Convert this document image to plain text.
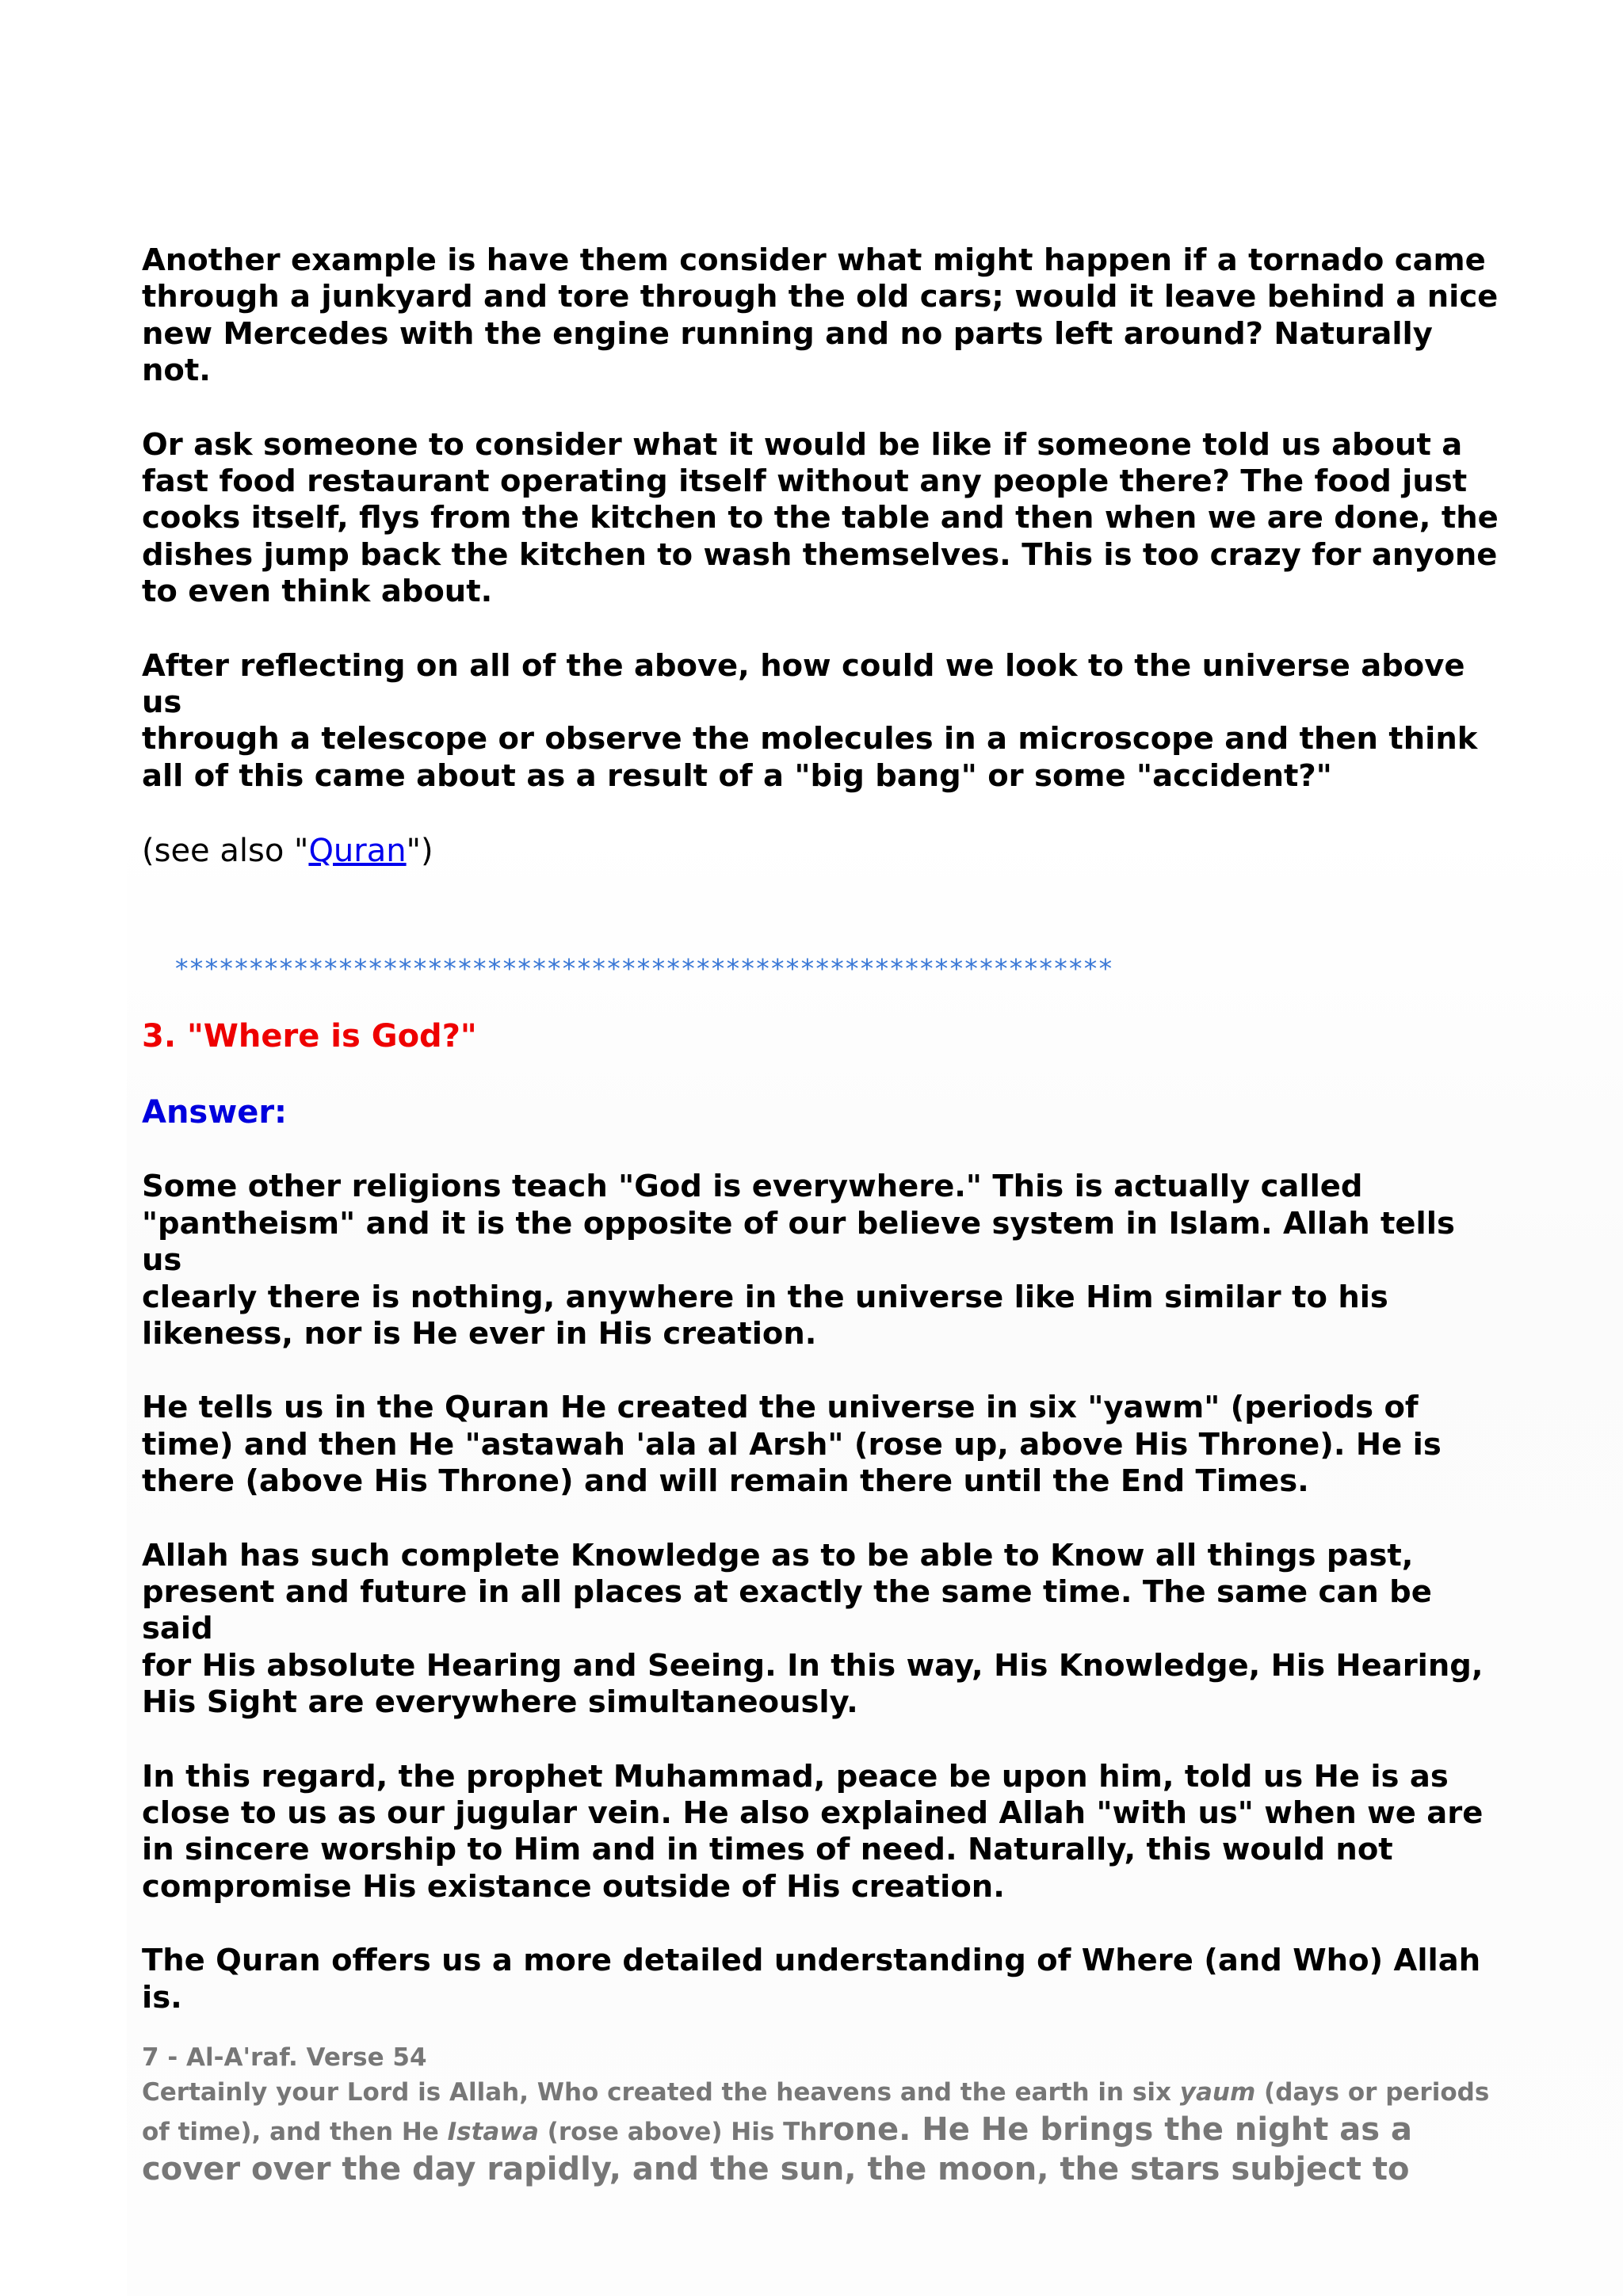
Another example is have them consider what might happen if a tornado came
through a junkyard and tore through the old cars; would it leave behind a nice
new Mercedes with the engine running and no parts left around? Naturally not.

Or ask someone to consider what it would be like if someone told us about a
fast food restaurant operating itself without any people there? The food just
cooks itself, flys from the kitchen to the table and then when we are done, the
dishes jump back the kitchen to wash themselves. This is too crazy for anyone
to even think about.

After reflecting on all of the above, how could we look to the universe above us
through a telescope or observe the molecules in a microscope and then think
all of this came about as a result of a "big bang" or some "accident?"

(see also "Quran")

***************************************************************
3. "Where is God?"
Answer:

Some other religions teach "God is everywhere." This is actually called
"pantheism" and it is the opposite of our believe system in Islam. Allah tells us
clearly there is nothing, anywhere in the universe like Him similar to his
likeness, nor is He ever in His creation.

He tells us in the Quran He created the universe in six "yawm" (periods of
time) and then He "astawah 'ala al Arsh" (rose up, above His Throne). He is
there (above His Throne) and will remain there until the End Times.

Allah has such complete Knowledge as to be able to Know all things past,
present and future in all places at exactly the same time. The same can be said
for His absolute Hearing and Seeing. In this way, His Knowledge, His Hearing,
His Sight are everywhere simultaneously.

In this regard, the prophet Muhammad, peace be upon him, told us He is as
close to us as our jugular vein. He also explained Allah "with us" when we are
in sincere worship to Him and in times of need. Naturally, this would not
compromise His existance outside of His creation.

The Quran offers us a more detailed understanding of Where (and Who) Allah
is.

7 - Al-A'raf. Verse 54
Certainly your Lord is Allah, Who created the heavens and the earth in six yaum (days or periods
of time), and then He Istawa (rose above) His Throne. He He brings the night as a
cover over the day rapidly, and the sun, the moon, the stars subject to
